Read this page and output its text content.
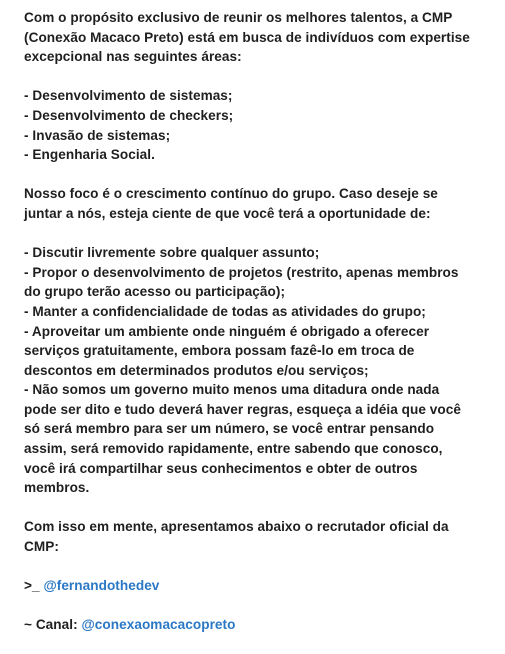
Com o propósito exclusivo de reunir os melhores talentos, a CMP
(Conexão Macaco Preto) está em busca de indivíduos com expertise
excepcional nas seguintes áreas:

- Desenvolvimento de sistemas;
- Desenvolvimento de checkers;
- Invasão de sistemas;
- Engenharia Social.

Nosso foco é o crescimento contínuo do grupo. Caso deseje se
juntar a nós, esteja ciente de que você terá a oportunidade de:

- Discutir livremente sobre qualquer assunto;
- Propor o desenvolvimento de projetos (restrito, apenas membros
do grupo terão acesso ou participação);
- Manter a confidencialidade de todas as atividades do grupo;
- Aproveitar um ambiente onde ninguém é obrigado a oferecer
serviços gratuitamente, embora possam fazê-lo em troca de
descontos em determinados produtos e/ou serviços;
- Não somos um governo muito menos uma ditadura onde nada
pode ser dito e tudo deverá haver regras, esqueça a idéia que você
só será membro para ser um número, se você entrar pensando
assim, será removido rapidamente, entre sabendo que conosco,
você irá compartilhar seus conhecimentos e obter de outros
membros.

Com isso em mente, apresentamos abaixo o recrutador oficial da
CMP:

>_ @fernandothedev

~ Canal: @conexaomacacopreto
